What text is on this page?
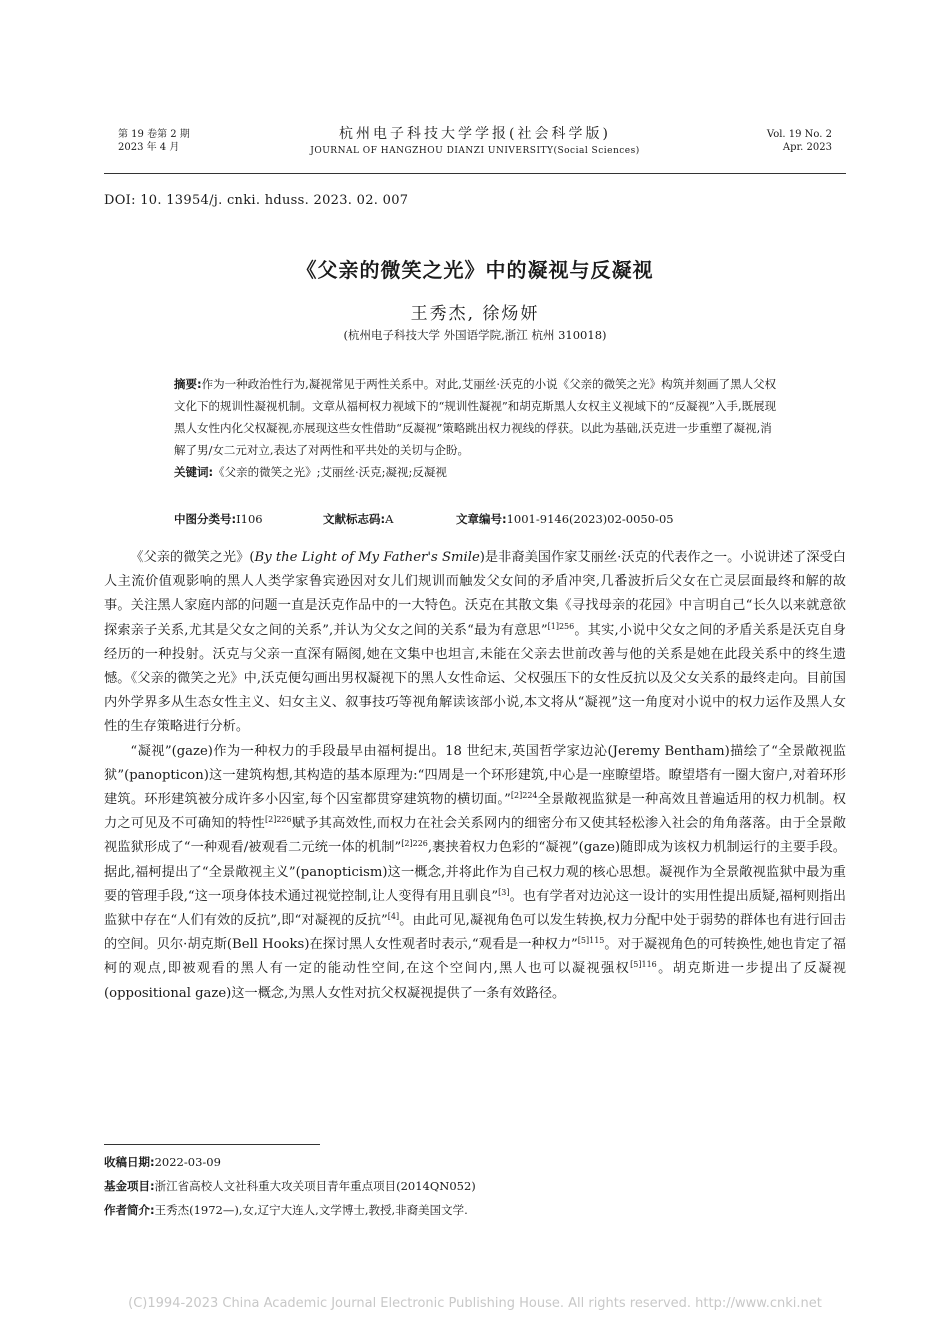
第 19 卷第 2 期
2023 年 4 月
杭州电子科技大学学报(社会科学版)
JOURNAL OF HANGZHOU DIANZI UNIVERSITY(Social Sciences)
Vol. 19 No. 2
Apr. 2023
DOI: 10. 13954/j. cnki. hduss. 2023. 02. 007
《父亲的微笑之光》中的凝视与反凝视
王秀杰, 徐炀妍
(杭州电子科技大学 外国语学院,浙江 杭州 310018)
摘要:作为一种政治性行为,凝视常见于两性关系中。对此,艾丽丝·沃克的小说《父亲的微笑之光》构筑并刻画了黑人父权文化下的规训性凝视机制。文章从福柯权力视域下的“规训性凝视”和胡克斯黑人女权主义视域下的“反凝视”入手,既展现黑人女性内化父权凝视,亦展现这些女性借助“反凝视”策略跳出权力视线的俘获。以此为基础,沃克进一步重塑了凝视,消解了男/女二元对立,表达了对两性和平共处的关切与企盼。
关键词:《父亲的微笑之光》;艾丽丝·沃克;凝视;反凝视
中图分类号:I106	文献标志码:A	文章编号:1001-9146(2023)02-0050-05

《父亲的微笑之光》(By the Light of My Father's Smile)是非裔美国作家艾丽丝·沃克的代表作之一。小说讲述了深受白人主流价值观影响的黑人人类学家鲁宾逊因对女儿们规训而触发父女间的矛盾冲突,几番波折后父女在亡灵层面最终和解的故事。关注黑人家庭内部的问题一直是沃克作品中的一大特色。沃克在其散文集《寻找母亲的花园》中言明自己“长久以来就意欲探索亲子关系,尤其是父女之间的关系”,并认为父女之间的关系“最为有意思”$^{[1]256}$。其实,小说中父女之间的矛盾关系是沃克自身经历的一种投射。沃克与父亲一直深有隔阂,她在文集中也坦言,未能在父亲去世前改善与他的关系是她在此段关系中的终生遗憾。《父亲的微笑之光》中,沃克便勾画出男权凝视下的黑人女性命运、父权强压下的女性反抗以及父女关系的最终走向。目前国内外学界多从生态女性主义、妇女主义、叙事技巧等视角解读该部小说,本文将从“凝视”这一角度对小说中的权力运作及黑人女性的生存策略进行分析。

“凝视”(gaze)作为一种权力的手段最早由福柯提出。18 世纪末,英国哲学家边沁(Jeremy Bentham)描绘了“全景敞视监狱”(panopticon)这一建筑构想,其构造的基本原理为:“四周是一个环形建筑,中心是一座瞭望塔。瞭望塔有一圈大窗户,对着环形建筑。环形建筑被分成许多小囚室,每个囚室都贯穿建筑物的横切面。”$^{[2]224}$全景敞视监狱是一种高效且普遍适用的权力机制。权力之可见及不可确知的特性$^{[2]226}$赋予其高效性,而权力在社会关系网内的细密分布又使其轻松渗入社会的角角落落。由于全景敞视监狱形成了“一种观看/被观看二元统一体的机制”$^{[2]226}$,裹挟着权力色彩的“凝视”(gaze)随即成为该权力机制运行的主要手段。据此,福柯提出了“全景敞视主义”(panopticism)这一概念,并将此作为自己权力观的核心思想。凝视作为全景敞视监狱中最为重要的管理手段,“这一项身体技术通过视觉控制,让人变得有用且驯良”[3]。也有学者对边沁这一设计的实用性提出质疑,福柯则指出监狱中存在“人们有效的反抗”,即“对凝视的反抗”[4]。由此可见,凝视角色可以发生转换,权力分配中处于弱势的群体也有进行回击的空间。贝尔·胡克斯(Bell Hooks)在探讨黑人女性观者时表示,“观看是一种权力”$^{[5]115}$。对于凝视角色的可转换性,她也肯定了福柯的观点,即被观看的黑人有一定的能动性空间,在这个空间内,黑人也可以凝视强权$^{[5]116}$。胡克斯进一步提出了反凝视(oppositional gaze)这一概念,为黑人女性对抗父权凝视提供了一条有效路径。

收稿日期:2022-03-09
基金项目:浙江省高校人文社科重大攻关项目青年重点项目(2014QN052)
作者简介:王秀杰(1972—),女,辽宁大连人,文学博士,教授,非裔美国文学.
(C)1994-2023 China Academic Journal Electronic Publishing House. All rights reserved. http://www.cnki.net
